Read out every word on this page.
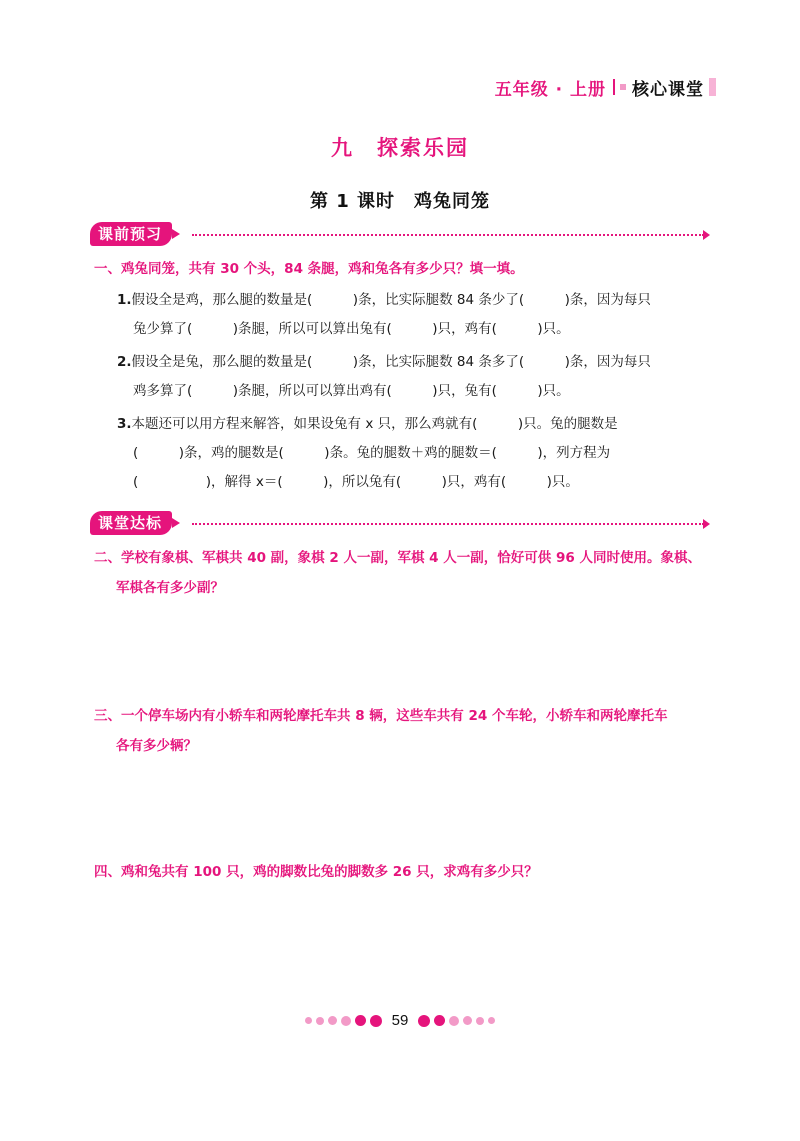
五年级 · 上册 核心课堂
九　探索乐园
第 1 课时　鸡兔同笼
课前预习
一、鸡兔同笼，共有 30 个头，84 条腿，鸡和兔各有多少只？填一填。
1.假设全是鸡，那么腿的数量是(　　　)条，比实际腿数 84 条少了(　　　)条，因为每只
兔少算了(　　　)条腿，所以可以算出兔有(　　　)只，鸡有(　　　)只。
2.假设全是兔，那么腿的数量是(　　　)条，比实际腿数 84 条多了(　　　)条，因为每只
鸡多算了(　　　)条腿，所以可以算出鸡有(　　　)只，兔有(　　　)只。
3.本题还可以用方程来解答，如果设兔有 x 只，那么鸡就有(　　　)只。兔的腿数是
(　　　)条，鸡的腿数是(　　　)条。兔的腿数＋鸡的腿数＝(　　　)，列方程为
(　　　　　)，解得 x＝(　　　)，所以兔有(　　　)只，鸡有(　　　)只。
课堂达标
二、学校有象棋、军棋共 40 副，象棋 2 人一副，军棋 4 人一副，恰好可供 96 人同时使用。象棋、
军棋各有多少副？
三、一个停车场内有小轿车和两轮摩托车共 8 辆，这些车共有 24 个车轮，小轿车和两轮摩托车
各有多少辆？
四、鸡和兔共有 100 只，鸡的脚数比兔的脚数多 26 只，求鸡有多少只？
59
